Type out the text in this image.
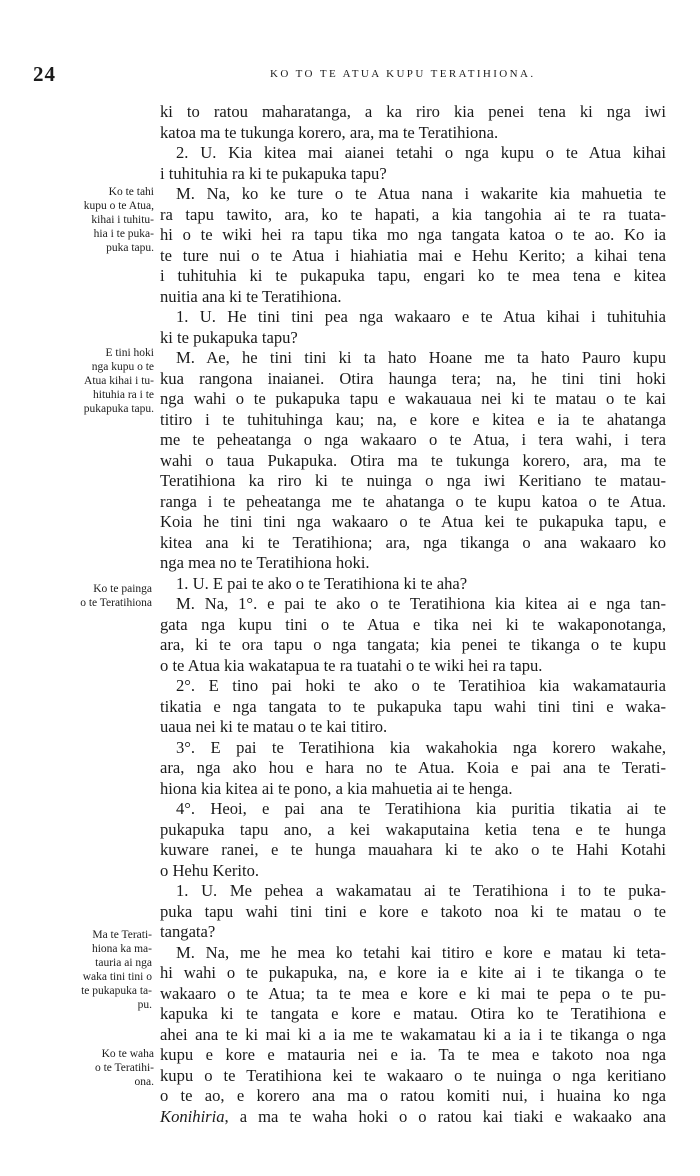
24	KO TO TE ATUA KUPU TERATIHIONA.
ki to ratou maharatanga, a ka riro kia penei tena ki nga iwi
katoa ma te tukunga korero, ara, ma te Teratihiona.
2. U. Kia kitea mai aianei tetahi o nga kupu o te Atua kihai
i tuhituhia ra ki te pukapuka tapu?
M. Na, ko ke ture o te Atua nana i wakarite kia mahuetia te
ra tapu tawito, ara, ko te hapati, a kia tangohia ai te ra tuata-
hi o te wiki hei ra tapu tika mo nga tangata katoa o te ao. Ko ia
te ture nui o te Atua i hiahiatia mai e Hehu Kerito; a kihai tena
i tuhituhia ki te pukapuka tapu, engari ko te mea tena e kitea
nuitia ana ki te Teratihiona.
1. U. He tini tini pea nga wakaaro e te Atua kihai i tuhituhia
ki te pukapuka tapu?
M. Ae, he tini tini ki ta hato Hoane me ta hato Pauro kupu
kua rangona inaianei. Otira haunga tera; na, he tini tini hoki
nga wahi o te pukapuka tapu e wakauaua nei ki te matau o te kai
titiro i te tuhituhinga kau; na, e kore e kitea e ia te ahatanga
me te peheatanga o nga wakaaro o te Atua, i tera wahi, i tera
wahi o taua Pukapuka. Otira ma te tukunga korero, ara, ma te
Teratihiona ka riro ki te nuinga o nga iwi Keritiano te matau-
ranga i te peheatanga me te ahatanga o te kupu katoa o te Atua.
Koia he tini tini nga wakaaro o te Atua kei te pukapuka tapu, e
kitea ana ki te Teratihiona; ara, nga tikanga o ana wakaaro ko
nga mea no te Teratihiona hoki.
1. U. E pai te ako o te Teratihiona ki te aha?
M. Na, 1°. e pai te ako o te Teratihiona kia kitea ai e nga tan-
gata nga kupu tini o te Atua e tika nei ki te wakaponotanga,
ara, ki te ora tapu o nga tangata; kia penei te tikanga o te kupu
o te Atua kia wakatapua te ra tuatahi o te wiki hei ra tapu.
2°. E tino pai hoki te ako o te Teratihioa kia wakamatauria
tikatia e nga tangata to te pukapuka tapu wahi tini tini e waka-
uaua nei ki te matau o te kai titiro.
3°. E pai te Teratihiona kia wakahokia nga korero wakahe,
ara, nga ako hou e hara no te Atua. Koia e pai ana te Terati-
hiona kia kitea ai te pono, a kia mahuetia ai te henga.
4°. Heoi, e pai ana te Teratihiona kia puritia tikatia ai te
pukapuka tapu ano, a kei wakaputaina ketia tena e te hunga
kuware ranei, e te hunga mauahara ki te ako o te Hahi Kotahi
o Hehu Kerito.
1. U. Me pehea a wakamatau ai te Teratihiona i to te puka-
puka tapu wahi tini tini e kore e takoto noa ki te matau o te
tangata?
M. Na, me he mea ko tetahi kai titiro e kore e matau ki teta-
hi wahi o te pukapuka, na, e kore ia e kite ai i te tikanga o te
wakaaro o te Atua; ta te mea e kore e ki mai te pepa o te pu-
kapuka ki te tangata e kore e matau. Otira ko te Teratihiona e
ahei ana te ki mai ki a ia me te wakamatau ki a ia i te tikanga o nga
kupu e kore e matauria nei e ia. Ta te mea e takoto noa nga
kupu o te Teratihiona kei te wakaaro o te nuinga o nga keritiano
o te ao, e korero ana ma o ratou komiti nui, i huaina ko nga
Konihiria, a ma te waha hoki o o ratou kai tiaki e wakaako ana
Ko te tahi
kupu o te Atua,
kihai i tuhitu-
hia i te puka-
puka tapu.
E tini hoki
nga kupu o te
Atua kihai i tu-
hituhia ra i te
pukapuka tapu.
Ko te painga
o te Teratihiona
Ma te Terati-
hiona ka ma-
tauria ai nga
waka tini tini o
te pukapuka ta-
pu.
Ko te waha
o te Teratihi-
ona.
